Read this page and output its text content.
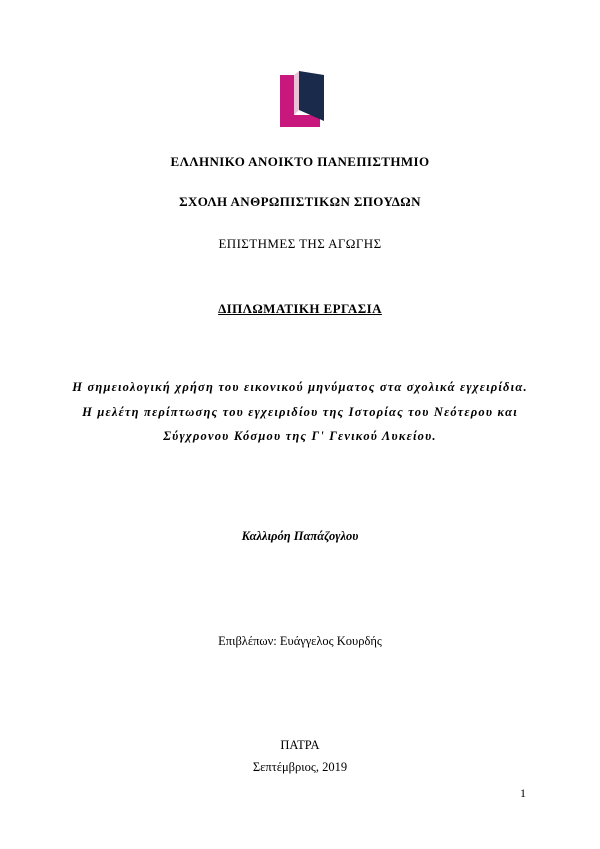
ΕΛΛΗΝΙΚΟ ΑΝΟΙΚΤΟ ΠΑΝΕΠΙΣΤΗΜΙΟ
ΣΧΟΛΗ ΑΝΘΡΩΠΙΣΤΙΚΩΝ ΣΠΟΥΔΩΝ
ΕΠΙΣΤΗΜΕΣ ΤΗΣ ΑΓΩΓΗΣ
ΔΙΠΛΩΜΑΤΙΚΗ ΕΡΓΑΣΙΑ
Η σημειολογική χρήση του εικονικού μηνύματος στα σχολικά εγχειρίδια.
Η μελέτη περίπτωσης του εγχειριδίου της Ιστορίας του Νεότερου και
Σύγχρονου Κόσμου της Γ' Γενικού Λυκείου.
Καλλιρόη Παπάζογλου
Επιβλέπων: Ευάγγελος Κουρδής
ΠΑΤΡΑ
Σεπτέμβριος, 2019
1
